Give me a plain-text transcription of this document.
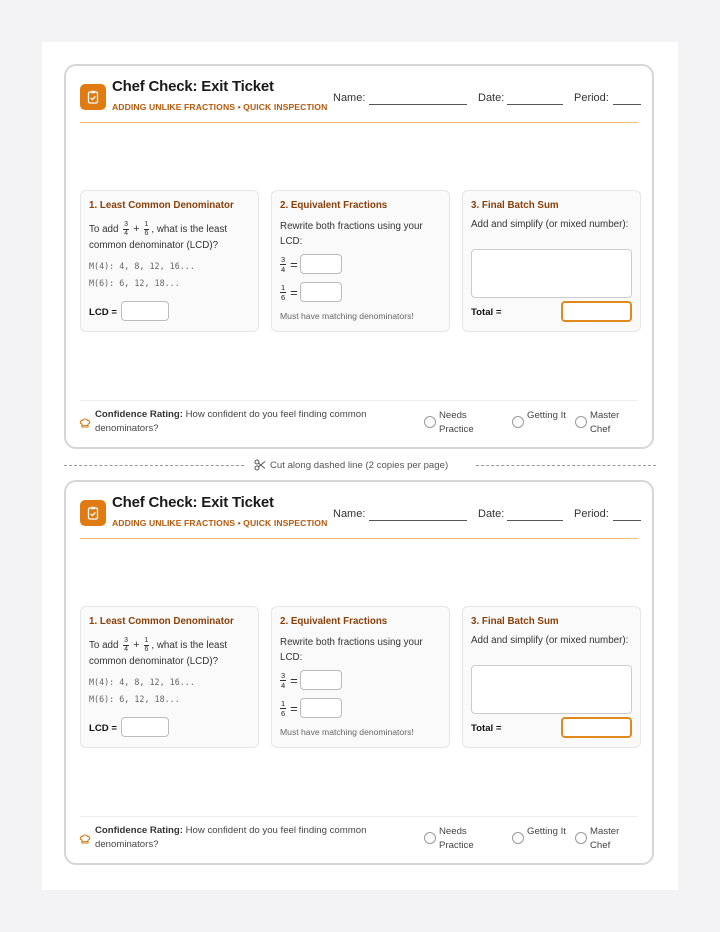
Chef Check: Exit Ticket
ADDING UNLIKE FRACTIONS • QUICK INSPECTION
Name:	Date:	Period:
1. Least Common Denominator
To add $\frac{3}{4} + \frac{1}{6}$ , what is the least common denominator (LCD)?
M(4): 4, 8, 12, 16...
M(6): 6, 12, 18...
LCD =
2. Equivalent Fractions
Rewrite both fractions using your LCD:
$\frac{3}{4}$ =
$\frac{1}{6}$ =
Must have matching denominators!
3. Final Batch Sum
Add and simplify (or mixed number):
Total =
Confidence Rating: How confident do you feel finding common denominators?
Needs Practice
Getting It	Master Chef
Cut along dashed line (2 copies per page)
Chef Check: Exit Ticket
ADDING UNLIKE FRACTIONS • QUICK INSPECTION
Name:	Date:	Period:
1. Least Common Denominator
To add $\frac{3}{4} + \frac{1}{6}$ , what is the least common denominator (LCD)?
M(4): 4, 8, 12, 16...
M(6): 6, 12, 18...
LCD =
2. Equivalent Fractions
Rewrite both fractions using your LCD:
$\frac{3}{4}$ =
$\frac{1}{6}$ =
Must have matching denominators!
3. Final Batch Sum
Add and simplify (or mixed number):
Total =
Confidence Rating: How confident do you feel finding common denominators?
Needs Practice
Getting It	Master Chef
